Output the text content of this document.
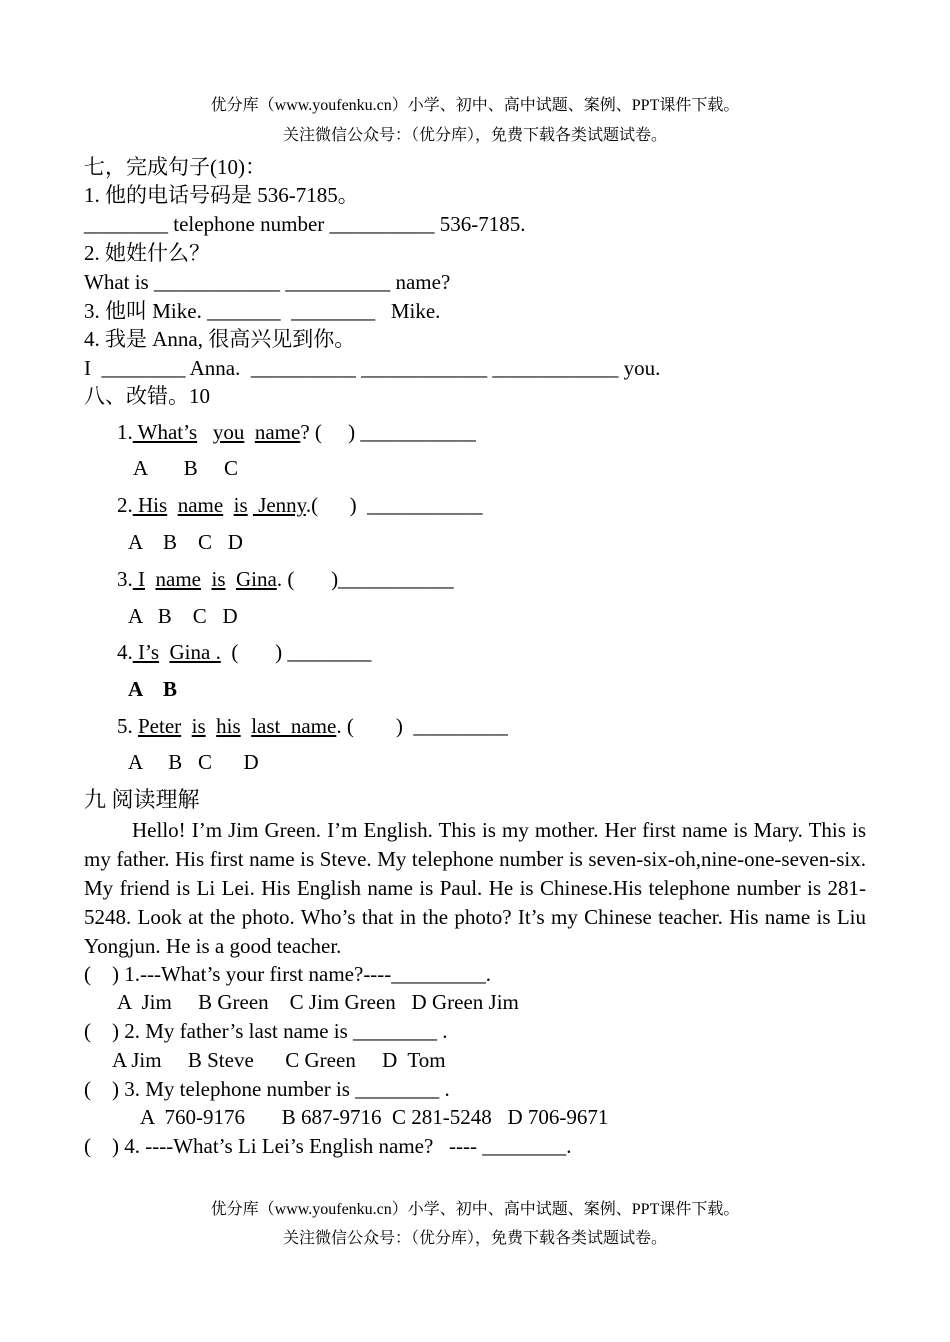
优分库（www.youfenku.cn）小学、初中、高中试题、案例、PPT课件下载。
关注微信公众号：（优分库），免费下载各类试题试卷。
七，完成句子(10)：
1. 他的电话号码是 536-7185。
________ telephone number __________ 536-7185.
2. 她姓什么？
What is ____________ __________ name?
3. 他叫 Mike. _______  ________   Mike.
4. 我是 Anna, 很高兴见到你。
I  ________ Anna.  __________ ____________ ____________ you.
八、改错。10
1. What’s you name? (     ) ___________
A       B     C
2. His name is  Jenny.(      )  ___________
A    B    C   D
3. I name is Gina. (       )___________
A   B    C   D
4. I’s Gina .  (       ) ________
A    B
5. Peter is his last  name. (        )  _________
A     B   C      D
九 阅读理解
Hello! I’m Jim Green. I’m English. This is my mother. Her first name is Mary. This is my father. His first name is Steve. My telephone number is seven-six-oh,nine-one-seven-six. My friend is Li Lei. His English name is Paul. He is Chinese.His telephone number is 281-5248. Look at the photo. Who’s that in the photo? It’s my Chinese teacher. His name is Liu Yongjun. He is a good teacher.
(    ) 1.---What’s your first name?----_________.
A  Jim     B Green    C Jim Green   D Green Jim
(    ) 2. My father’s last name is ________ .
A Jim     B Steve      C Green     D  Tom
(    ) 3. My telephone number is ________ .
A  760-9176       B 687-9716  C 281-5248   D 706-9671
(    ) 4. ----What’s Li Lei’s English name?   ---- ________.
优分库（www.youfenku.cn）小学、初中、高中试题、案例、PPT课件下载。
关注微信公众号：（优分库），免费下载各类试题试卷。
